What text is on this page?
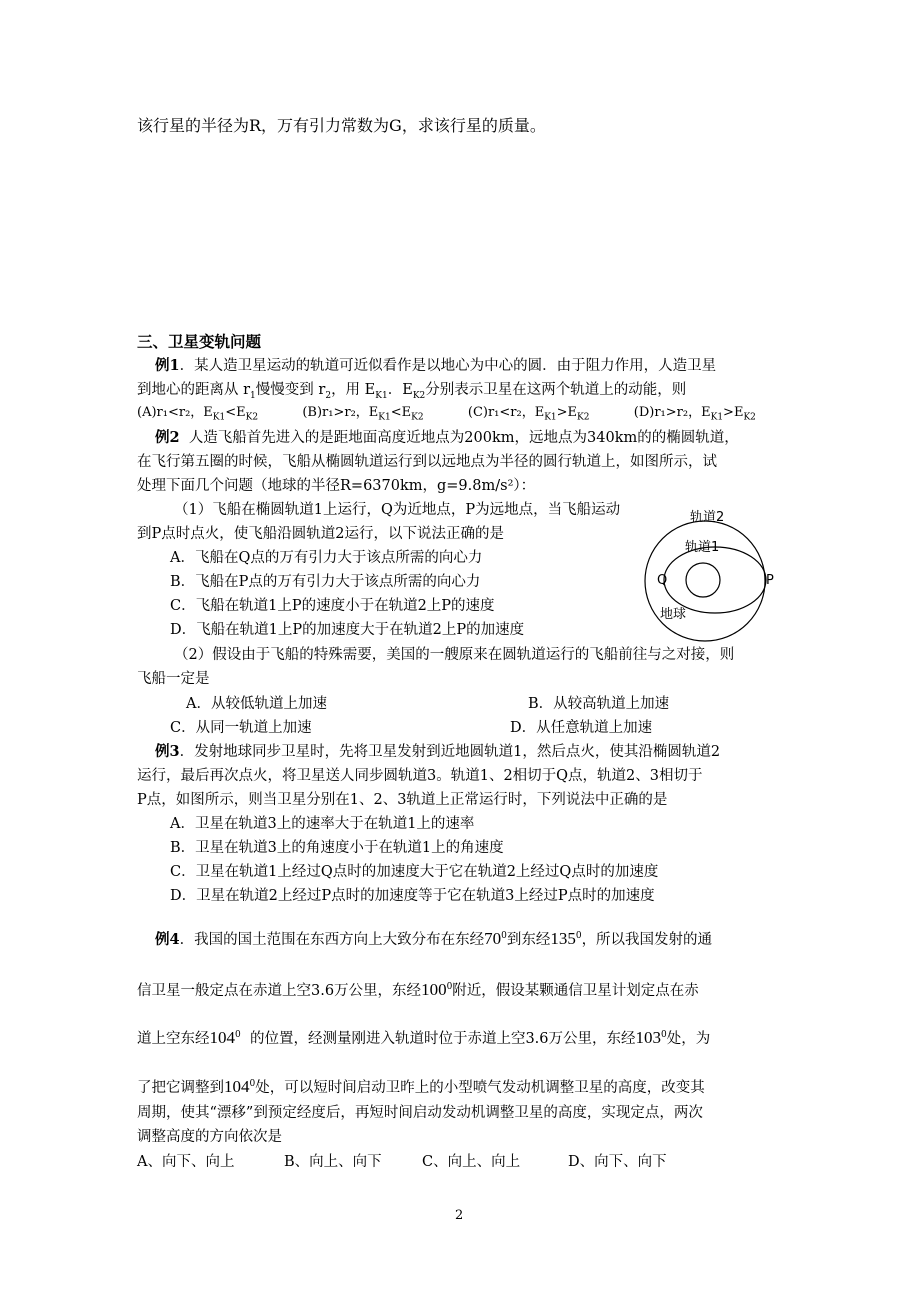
该行星的半径为R，万有引力常数为G，求该行星的质量。
三、卫星变轨问题
例1．某人造卫星运动的轨道可近似看作是以地心为中心的圆．由于阻力作用，人造卫星
到地心的距离从 $r_1$慢慢变到 $r_2$，用 $E_{K1}$．$E_{K2}$分别表示卫星在这两个轨道上的动能，则
(A)r₁<r₂，$E_{K1}<E_{K2}$	(B)r₁>r₂，$E_{K1}<E_{K2}$	(C)r₁<r₂，$E_{K1}>E_{K2}$	(D)r₁>r₂，$E_{K1}>E_{K2}$
例2 人造飞船首先进入的是距地面高度近地点为200km，远地点为340km的的椭圆轨道，
在飞行第五圈的时候，飞船从椭圆轨道运行到以远地点为半径的圆行轨道上，如图所示，试
处理下面几个问题（地球的半径R=6370km，g=9.8m/s²）：
（1）飞船在椭圆轨道1上运行，Q为近地点，P为远地点，当飞船运动
到P点时点火，使飞船沿圆轨道2运行，以下说法正确的是
A．飞船在Q点的万有引力大于该点所需的向心力
B．飞船在P点的万有引力大于该点所需的向心力
C．飞船在轨道1上P的速度小于在轨道2上P的速度
D．飞船在轨道1上P的加速度大于在轨道2上P的加速度
（2）假设由于飞船的特殊需要，美国的一艘原来在圆轨道运行的飞船前往与之对接，则
飞船一定是
A．从较低轨道上加速	B．从较高轨道上加速
C．从同一轨道上加速	D．从任意轨道上加速
轨道2
轨道1
Q	P
地球
例3．发射地球同步卫星时，先将卫星发射到近地圆轨道1，然后点火，使其沿椭圆轨道2
运行，最后再次点火，将卫星送人同步圆轨道3。轨道1、2相切于Q点，轨道2、3相切于
P点，如图所示，则当卫星分别在1、2、3轨道上正常运行时，下列说法中正确的是
A．卫星在轨道3上的速率大于在轨道1上的速率
B．卫星在轨道3上的角速度小于在轨道1上的角速度
C．卫星在轨道1上经过Q点时的加速度大于它在轨道2上经过Q点时的加速度
D．卫星在轨道2上经过P点时的加速度等于它在轨道3上经过P点时的加速度
例4．我国的国土范围在东西方向上大致分布在东经$70^0$到东经$135^0$，所以我国发射的通
信卫星一般定点在赤道上空3.6万公里，东经$100^0$附近，假设某颗通信卫星计划定点在赤
道上空东经$104^0$ 的位置，经测量刚进入轨道时位于赤道上空3.6万公里，东经$103^0$处，为
了把它调整到$104^0$处，可以短时间启动卫昨上的小型喷气发动机调整卫星的高度，改变其
周期，使其“漂移”到预定经度后，再短时间启动发动机调整卫星的高度，实现定点，两次
调整高度的方向依次是
A、向下、向上	B、向上、向下	C、向上、向上	D、向下、向下
2
